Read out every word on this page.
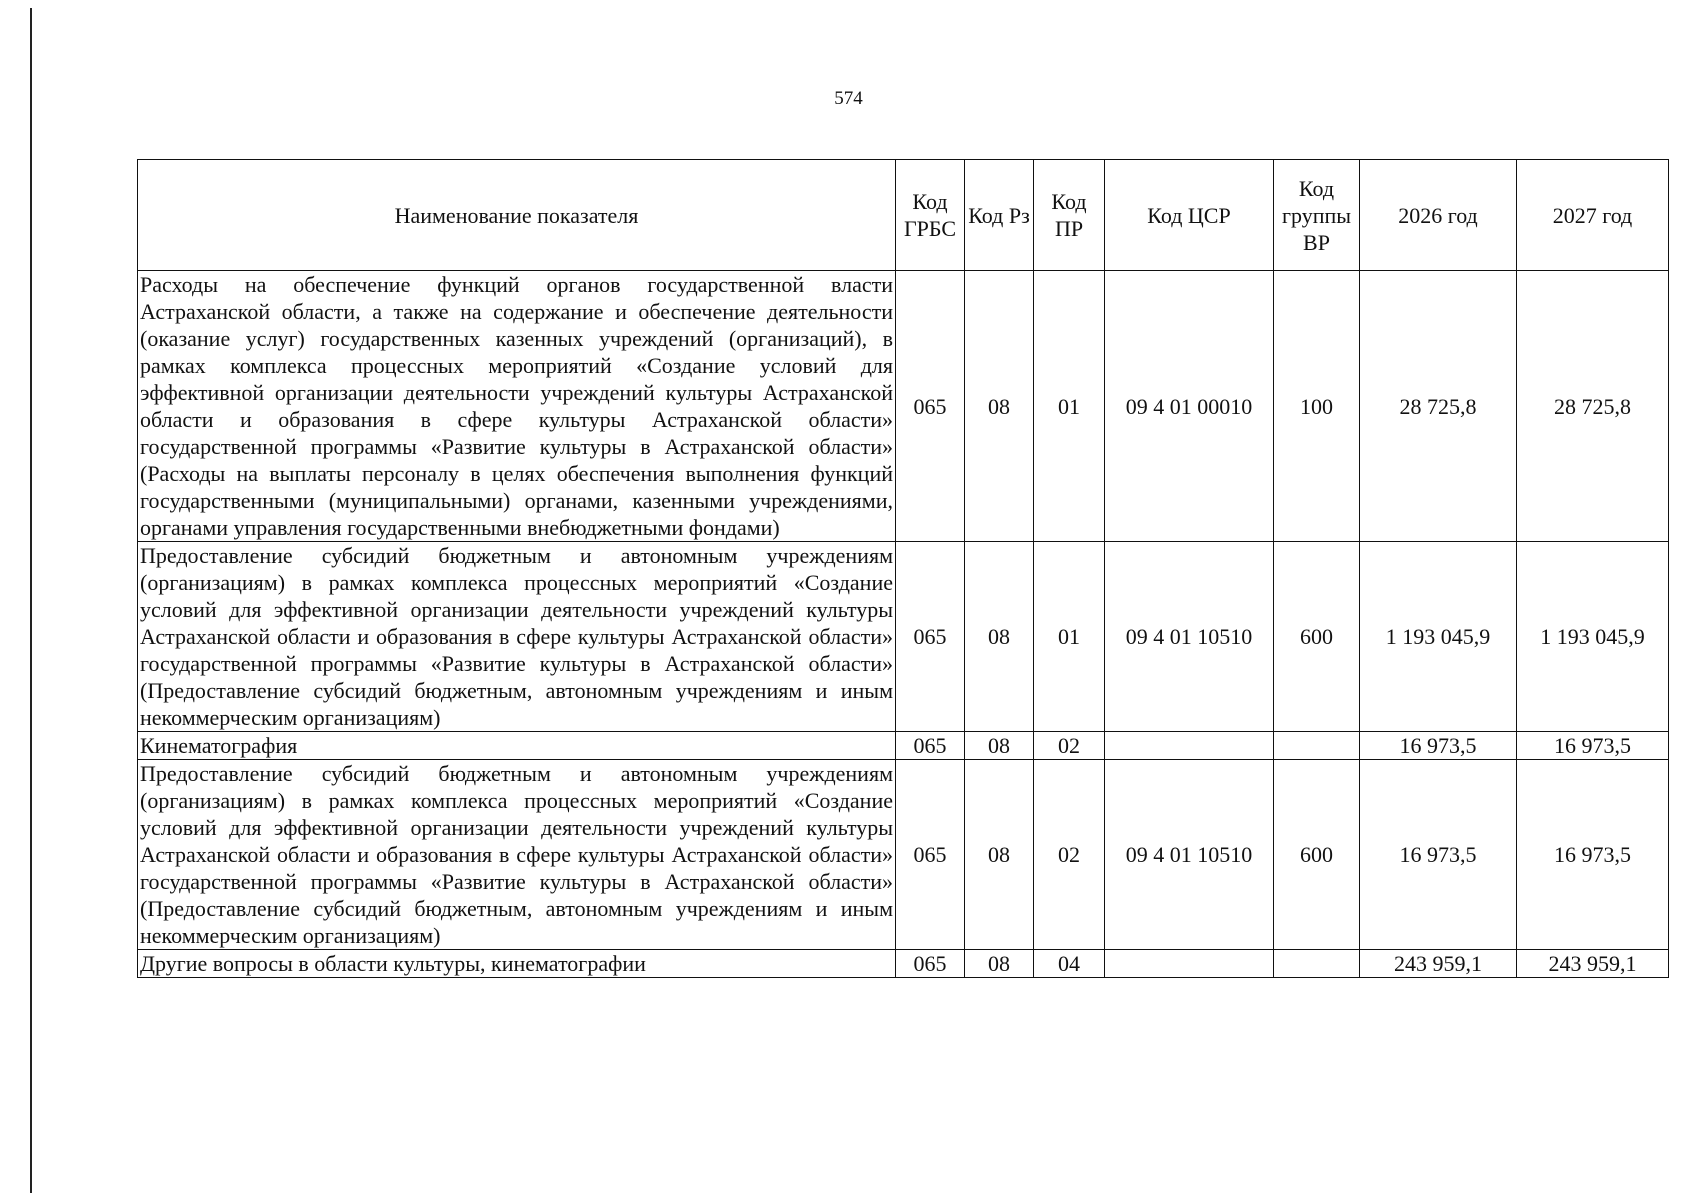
574
Наименование показателя	Код ГРБС	Код Рз	Код ПР	Код ЦСР	Код группы ВР	2026 год	2027 год
Расходы на обеспечение функций органов государственной власти Астраханской области, а также на содержание и обеспечение деятельности (оказание услуг) государственных казенных учреждений (организаций), в рамках комплекса процессных мероприятий «Создание условий для эффективной организации деятельности учреждений культуры Астраханской области и образования в сфере культуры Астраханской области» государственной программы «Развитие культуры в Астраханской области» (Расходы на выплаты персоналу в целях обеспечения выполнения функций государственными (муниципальными) органами, казенными учреждениями, органами управления государственными внебюджетными фондами)	065	08	01	09 4 01 00010	100	28 725,8	28 725,8
Предоставление субсидий бюджетным и автономным учреждениям (организациям) в рамках комплекса процессных мероприятий «Создание условий для эффективной организации деятельности учреждений культуры Астраханской области и образования в сфере культуры Астраханской области» государственной программы «Развитие культуры в Астраханской области» (Предоставление субсидий бюджетным, автономным учреждениям и иным некоммерческим организациям)	065	08	01	09 4 01 10510	600	1 193 045,9	1 193 045,9
Кинематография	065	08	02			16 973,5	16 973,5
Предоставление субсидий бюджетным и автономным учреждениям (организациям) в рамках комплекса процессных мероприятий «Создание условий для эффективной организации деятельности учреждений культуры Астраханской области и образования в сфере культуры Астраханской области» государственной программы «Развитие культуры в Астраханской области» (Предоставление субсидий бюджетным, автономным учреждениям и иным некоммерческим организациям)	065	08	02	09 4 01 10510	600	16 973,5	16 973,5
Другие вопросы в области культуры, кинематографии	065	08	04			243 959,1	243 959,1
